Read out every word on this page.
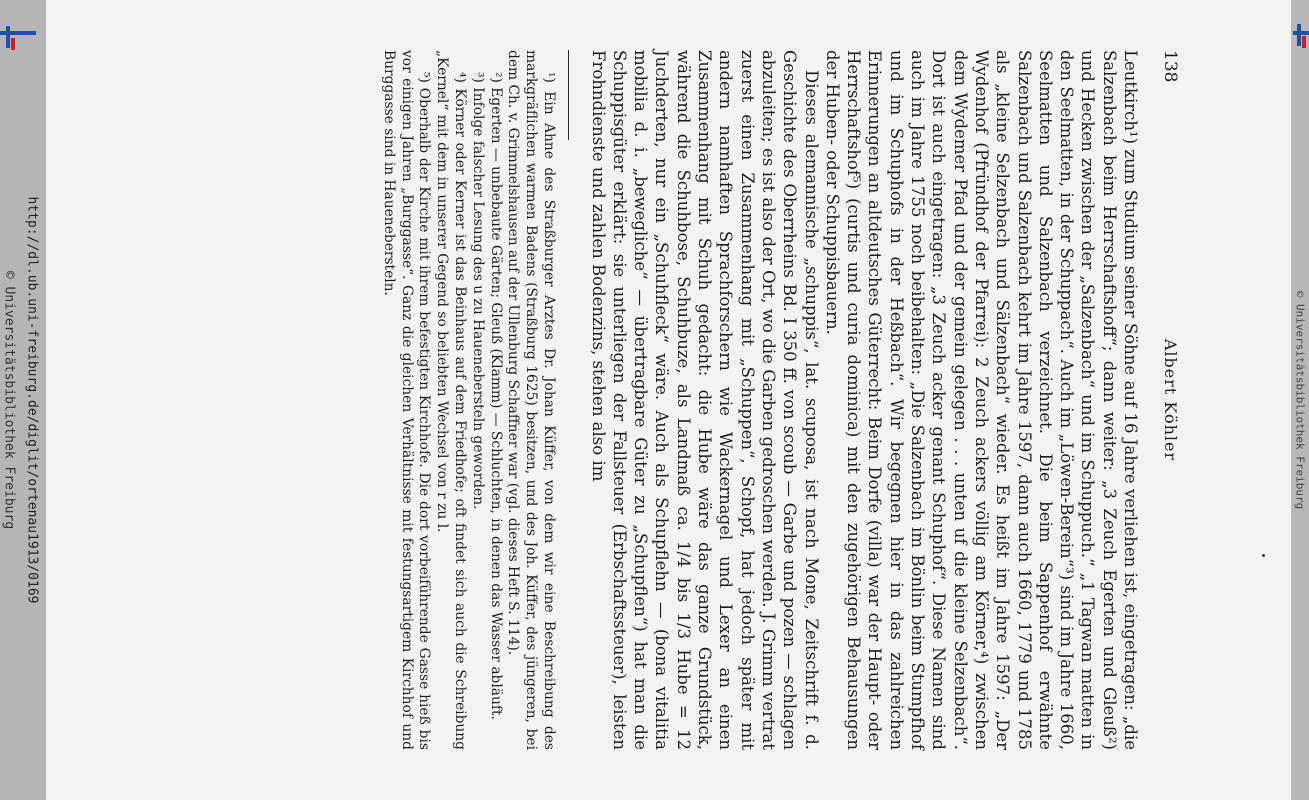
http://dl.ub.uni-freiburg.de/diglit/ortenau1913/0169
© Universitätsbibliothek Freiburg	© Universitätsbibliothek Freiburg
138
Albert Köhler

Leutkirch¹) zum Studium seiner Söhne auf 16 Jahre verliehen ist, eingetragen: „die Salzenbach beim Herrschaftshoff“; dann weiter: „3 Zeuch Egerten und Gleuß²) und Hecken zwischen der „Salzenbach“ und im Schuppuch.“ „1 Tagwan matten in den Seelmatten, in der Schuppach“. Auch im „Löwen-Berein“³) sind im Jahre 1660, Seelmatten und Salzenbach verzeichnet. Die beim Sappenhof erwähnte Salzenbach und Salzenbach kehrt im Jahre 1597, dann auch 1660, 1779 und 1785 als „kleine Selzenbach und Sälzenbach“ wieder. Es heißt im Jahre 1597: „Der Wydenhof (Pfründhof der Pfarrei): 2 Zeuch ackers völlig am Körner,⁴) zwischen dem Wydemer Pfad und der gemein gelegen . . . unten uf die kleine Selzenbach“. Dort ist auch eingetragen: „3 Zeuch acker genant Schuphof“. Diese Namen sind auch im Jahre 1755 noch beibehalten: „Die Salzenbach im Bönlin beim Stumpfhof und im Schuphofs in der Heßbach“. Wir begegnen hier in das zahlreichen Erinnerungen an altdeutsches Güterrecht: Beim Dorfe (villa) war der Haupt- oder Herrschaftshof⁵) (curtis und curia dominica) mit den zugehörigen Behausungen der Huben- oder Schuppisbauern.

Dieses alemannische „schuppis“, lat. scuposa, ist nach Mone, Zeitschrift f. d. Geschichte des Oberrheins Bd. I 350 ff. von scoub — Garbe und pozen — schlagen abzuleiten; es ist also der Ort, wo die Garben gedroschen werden. J. Grimm vertrat zuerst einen Zusammenhang mit „Schuppen“, Schopf, hat jedoch später mit andern namhaften Sprachforschern wie Wackernagel und Lexer an einen Zusammenhang mit Schuh gedacht: die Hube wäre das ganze Grundstück, während die Schuhbose, Schuhbuze, als Landmaß ca. 1/4 bis 1/3 Hube = 12 Juchderten, nur ein „Schuhfleck“ wäre. Auch als Schupflehn — (bona vitalitia mobilia d. i. „bewegliche“ — übertragbare Güter zu „Schupflen“) hat man die Schuppisgüter erklärt: sie unterliegen der Fallsteuer (Erbschaftssteuer), leisten Frohndienste und zahlen Bodenzins, stehen also im

¹) Ein Ahne des Straßburger Arztes Dr. Johan Küffer, von dem wir eine Beschreibung des markgräflichen warmen Badens (Straßburg 1625) besitzen, und des Joh. Küffer, des jüngeren, bei dem Ch. v. Grimmelshausen auf der Ullenburg Schaffner war (vgl. dieses Heft S. 114).

²) Egerten — unbebaute Gärten; Gleuß (Klamm) — Schluchten, in denen das Wasser abläuft.

³) Infolge falscher Lesung des u zu Hauenebersteln geworden.

⁴) Körner oder Kerner ist das Beinhaus auf dem Friedhofe; oft findet sich auch die Schreibung „Kernel“ mit dem in unserer Gegend so beliebten Wechsel von r zu l.

⁵) Oberhalb der Kirche mit ihrem befestigten Kirchhofe. Die dort vorbeiführende Gasse hieß bis vor einigen Jahren „Burggasse“. Ganz die gleichen Verhältnisse mit festungsartigem Kirchhof und Burggasse sind in Hauenebersteln.
